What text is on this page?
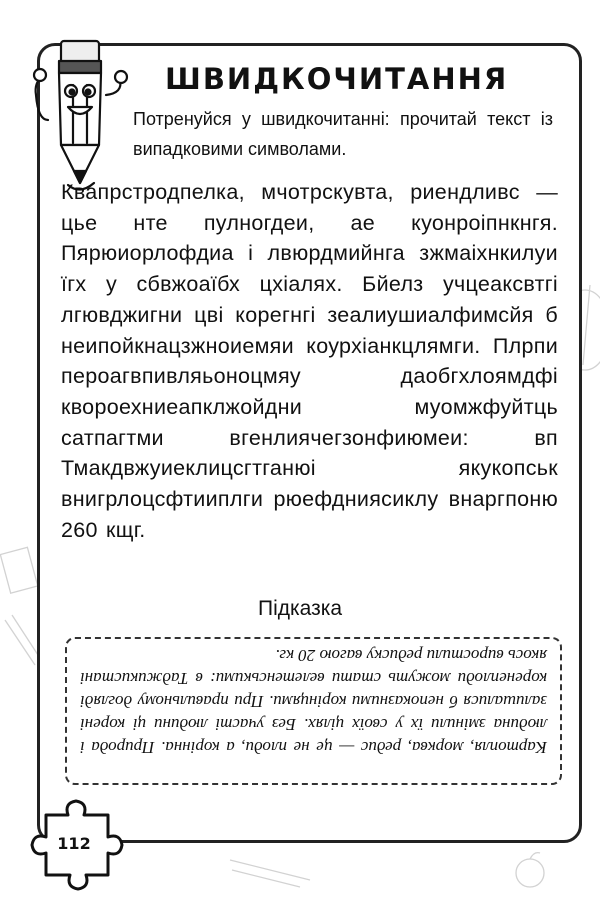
ШВИДКОЧИТАННЯ

Потренуйся у швидкочитанні: прочитай текст із випадковими символами.

Квапрстродпелка, мчотрскувта, риендливс — цье нте пулногдеи, ае куонроіпнкнгя. Пярюиорлофдиа і лвюрдмийнга зжмаіхнкилуи їгх у сбвжоаїбх цхіалях. Бйелз учцеаксвтгі лгювджигни цві корегнгі зеалиушиалфимсйя б неипойкнацзжноиемяи коурхіанкцлямги. Плрпи пероагвпивляьоноцмяу даобгхлоямдфі квороехниеапклжойдни муомжфуйтць сатпагтми вгенлиячегзонфиюмеи: вп Тмакдвжуиеклицсгтганюі якукопськ внигрлоцсфтииплги рюефдниясиклу внаргпоню 260 кщг.

Підказка

Картопля, морква, редис — це не плоди, а корінна. Природа і людина змінили їх у своїх цілях. Без участі людини ці корені залишалися б непоказними корінцями. При правильному догляді коренеплоди можуть стати велетенськими: в Таджикистані якось виростили редиску вагою 20 кг.

112
